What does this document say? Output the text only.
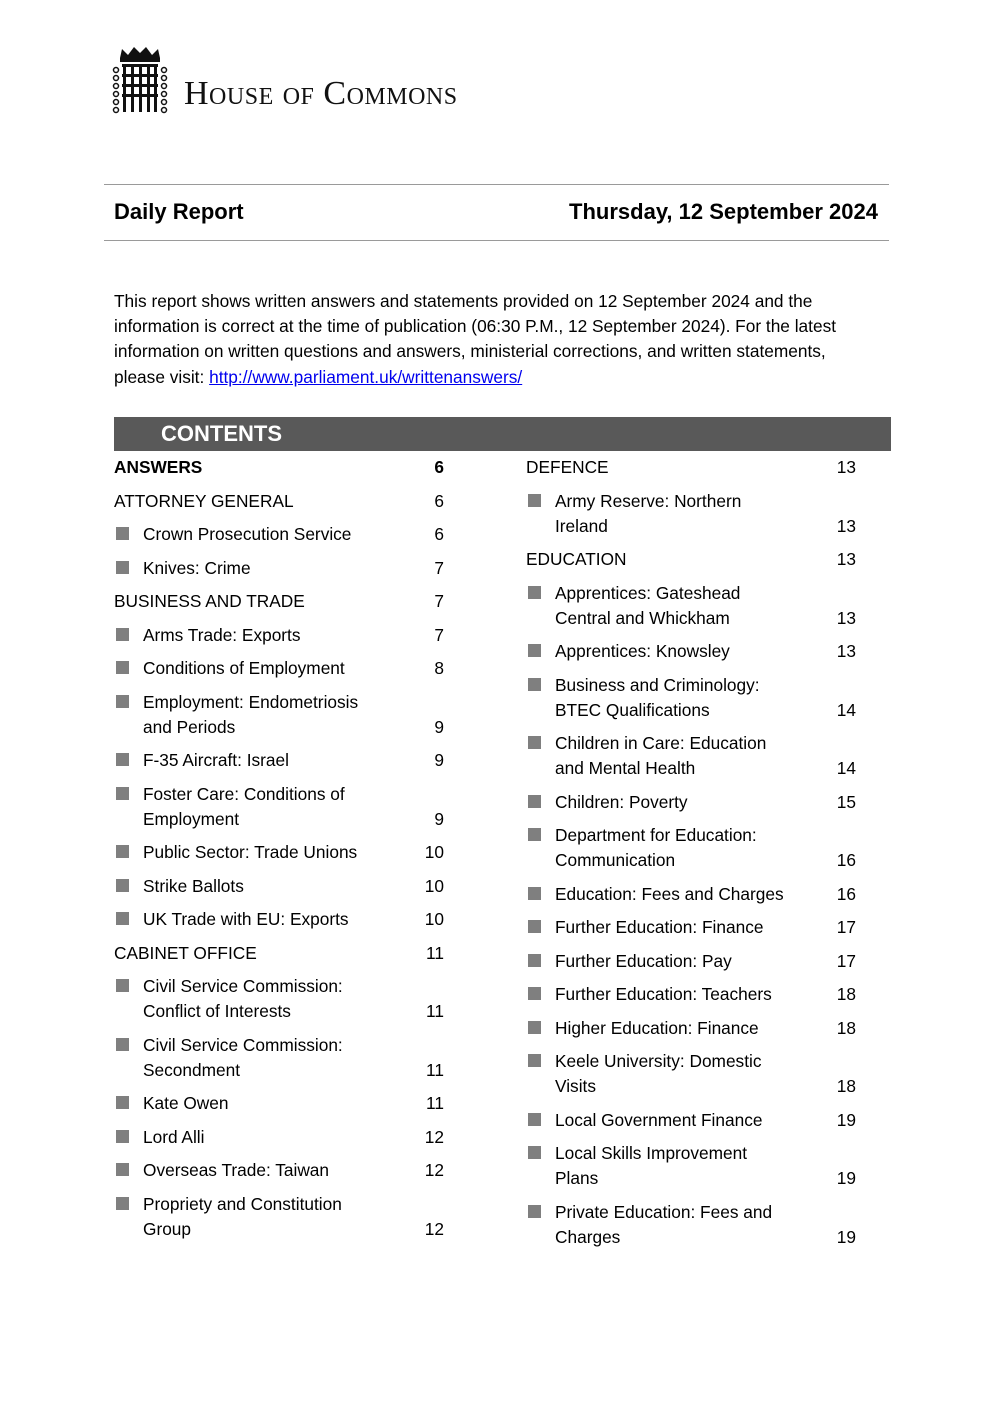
House of Commons
Daily Report	Thursday, 12 September 2024
This report shows written answers and statements provided on 12 September 2024 and the information is correct at the time of publication (06:30 P.M., 12 September 2024). For the latest information on written questions and answers, ministerial corrections, and written statements, please visit: http://www.parliament.uk/writtenanswers/
CONTENTS
ANSWERS	6
ATTORNEY GENERAL	6
Crown Prosecution Service	6
Knives: Crime	7
BUSINESS AND TRADE	7
Arms Trade: Exports	7
Conditions of Employment	8
Employment: Endometriosis and Periods	9
F-35 Aircraft: Israel	9
Foster Care: Conditions of Employment	9
Public Sector: Trade Unions	10
Strike Ballots	10
UK Trade with EU: Exports	10
CABINET OFFICE	11
Civil Service Commission: Conflict of Interests	11
Civil Service Commission: Secondment	11
Kate Owen	11
Lord Alli	12
Overseas Trade: Taiwan	12
Propriety and Constitution Group	12
DEFENCE	13
Army Reserve: Northern Ireland	13
EDUCATION	13
Apprentices: Gateshead Central and Whickham	13
Apprentices: Knowsley	13
Business and Criminology: BTEC Qualifications	14
Children in Care: Education and Mental Health	14
Children: Poverty	15
Department for Education: Communication	16
Education: Fees and Charges	16
Further Education: Finance	17
Further Education: Pay	17
Further Education: Teachers	18
Higher Education: Finance	18
Keele University: Domestic Visits	18
Local Government Finance	19
Local Skills Improvement Plans	19
Private Education: Fees and Charges	19
